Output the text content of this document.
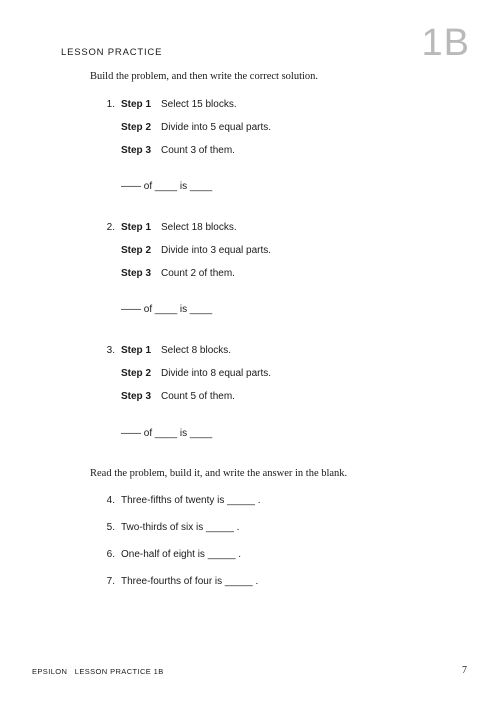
LESSON PRACTICE	1B
Build the problem, and then write the correct solution.
1. Step 1 Select 15 blocks.
Step 2 Divide into 5 equal parts.
Step 3 Count 3 of them.
—— of ____ is ____
2. Step 1 Select 18 blocks.
Step 2 Divide into 3 equal parts.
Step 3 Count 2 of them.
—— of ____ is ____
3. Step 1 Select 8 blocks.
Step 2 Divide into 8 equal parts.
Step 3 Count 5 of them.
—— of ____ is ____
Read the problem, build it, and write the answer in the blank.
4. Three-fifths of twenty is _____ .
5. Two-thirds of six is _____ .
6. One-half of eight is _____ .
7. Three-fourths of four is _____ .
EPSILON   LESSON PRACTICE 1B	7
